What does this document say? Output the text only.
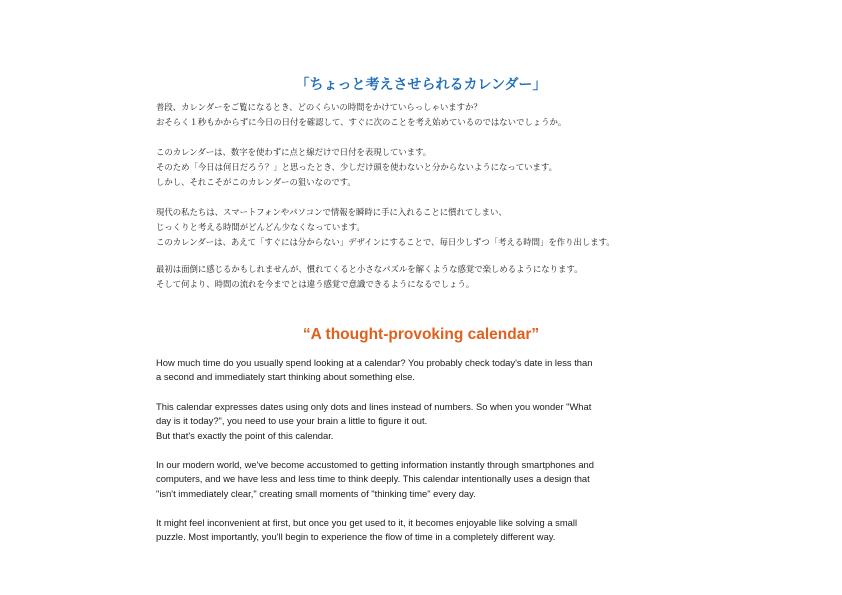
「ちょっと考えさせられるカレンダー」
普段、カレンダーをご覧になるとき、どのくらいの時間をかけていらっしゃいますか？
おそらく１秒もかからずに今日の日付を確認して、すぐに次のことを考え始めているのではないでしょうか。
このカレンダーは、数字を使わずに点と線だけで日付を表現しています。
そのため「今日は何日だろう？」と思ったとき、少しだけ頭を使わないと分からないようになっています。
しかし、それこそがこのカレンダーの狙いなのです。
現代の私たちは、スマートフォンやパソコンで情報を瞬時に手に入れることに慣れてしまい、
じっくりと考える時間がどんどん少なくなっています。
このカレンダーは、あえて「すぐには分からない」デザインにすることで、毎日少しずつ「考える時間」を作り出します。
最初は面倒に感じるかもしれませんが、慣れてくると小さなパズルを解くような感覚で楽しめるようになります。
そして何より、時間の流れを今までとは違う感覚で意識できるようになるでしょう。
“A thought-provoking calendar”
How much time do you usually spend looking at a calendar? You probably check today's date in less than
a second and immediately start thinking about something else.
This calendar expresses dates using only dots and lines instead of numbers. So when you wonder "What
day is it today?", you need to use your brain a little to figure it out.
But that's exactly the point of this calendar.
In our modern world, we've become accustomed to getting information instantly through smartphones and
computers, and we have less and less time to think deeply. This calendar intentionally uses a design that
"isn't immediately clear," creating small moments of "thinking time" every day.
It might feel inconvenient at first, but once you get used to it, it becomes enjoyable like solving a small
puzzle. Most importantly, you'll begin to experience the flow of time in a completely different way.
